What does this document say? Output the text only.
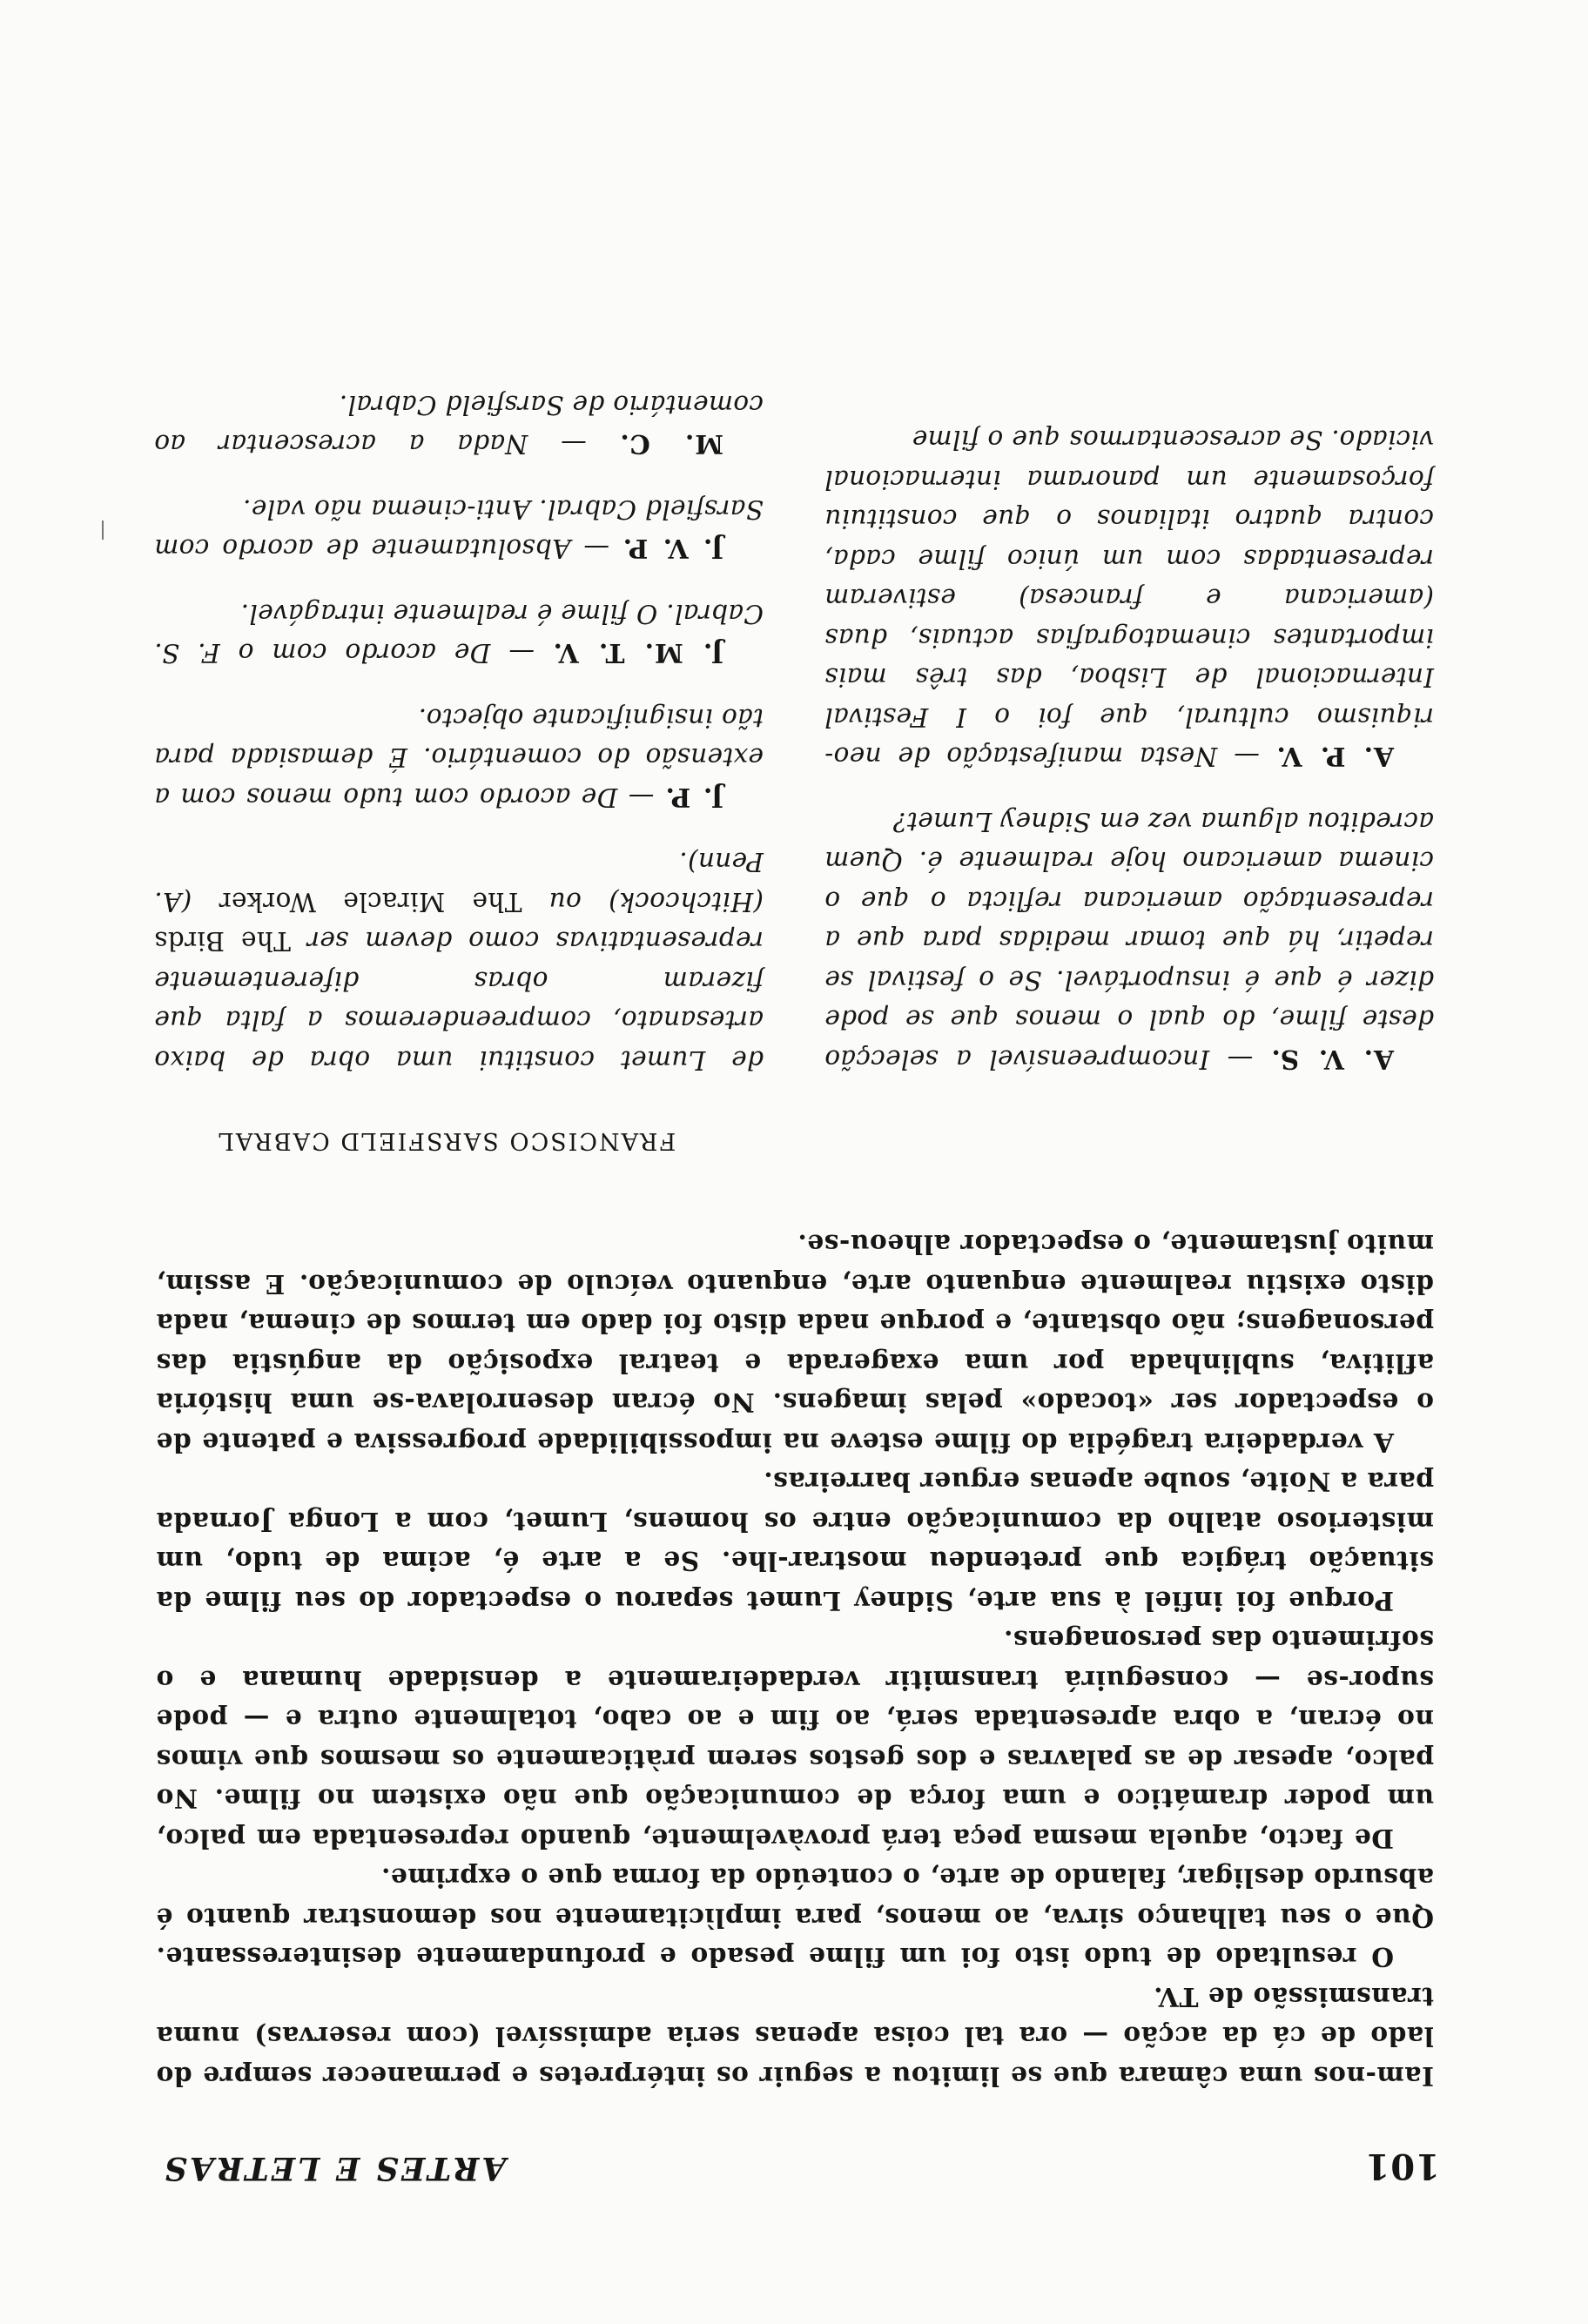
101
ARTES E LETRAS

Iam-nos uma câmara que se limitou a seguir os intérpretes e permanecer sempre do lado de cá da acção — ora tal coisa apenas seria admissível (com reservas) numa transmissão de TV.

O resultado de tudo isto foi um filme pesado e profundamente desinteressante. Que o seu talhanço sirva, ao menos, para implìcitamente nos demonstrar quanto é absurdo desligar, falando de arte, o conteúdo da forma que o exprime.

De facto, aquela mesma peça terá provàvelmente, quando representada em palco, um poder dramático e uma força de comunicação que não existem no filme. No palco, apesar de as palavras e dos gestos serem pràticamente os mesmos que vimos no écran, a obra apresentada será, ao fim e ao cabo, totalmente outra e — pode supor-se — conseguirá transmitir verdadeiramente a densidade humana e o sofrimento das personagens.

Porque foi infiel à sua arte, Sidney Lumet separou o espectador do seu filme da situação trágica que pretendeu mostrar-lhe. Se a arte é, acima de tudo, um misterioso atalho da comunicação entre os homens, Lumet, com a Longa Jornada para a Noite, soube apenas erguer barreiras.

A verdadeira tragédia do filme esteve na impossibilidade progressiva e patente de o espectador ser «tocado» pelas imagens. No écran desenrolava-se uma história aflitiva, sublinhada por uma exagerada e teatral exposição da angústia das personagens; não obstante, e porque nada disto foi dado em termos de cinema, nada disto existiu realmente enquanto arte, enquanto veículo de comunicação. E assim, muito justamente, o espectador alheou-se.

FRANCISCO SARSFIELD CABRAL

A. V. S. — Incompreensível a selecção deste filme, do qual o menos que se pode dizer é que é insuportável. Se o festival se repetir, há que tomar medidas para que a representação americana reflicta o que o cinema americano hoje realmente é. Quem acreditou alguma vez em Sidney Lumet?

A. P. V. — Nesta manifestação de neo-riquismo cultural, que foi o I Festival Internacional de Lisboa, das três mais importantes cinematografias actuais, duas (americana e francesa) estiveram representadas com um único filme cada, contra quatro italianos o que constituiu forçosamente um panorama internacional viciado. Se acrescentarmos que o filme

de Lumet constitui uma obra de baixo artesanato, compreenderemos a falta que fizeram obras diferentemente representativas como devem ser The Birds (Hitchcock) ou The Miracle Worker (A. Penn).

J. P. — De acordo com tudo menos com a extensão do comentário. É demasiada para tão insignificante objecto.

J. M. T. V. — De acordo com o F. S. Cabral. O filme é realmente intragável.

J. V. P. — Absolutamente de acordo com Sarsfield Cabral. Anti-cinema não vale.

M. C. — Nada a acrescentar ao comentário de Sarsfield Cabral.
